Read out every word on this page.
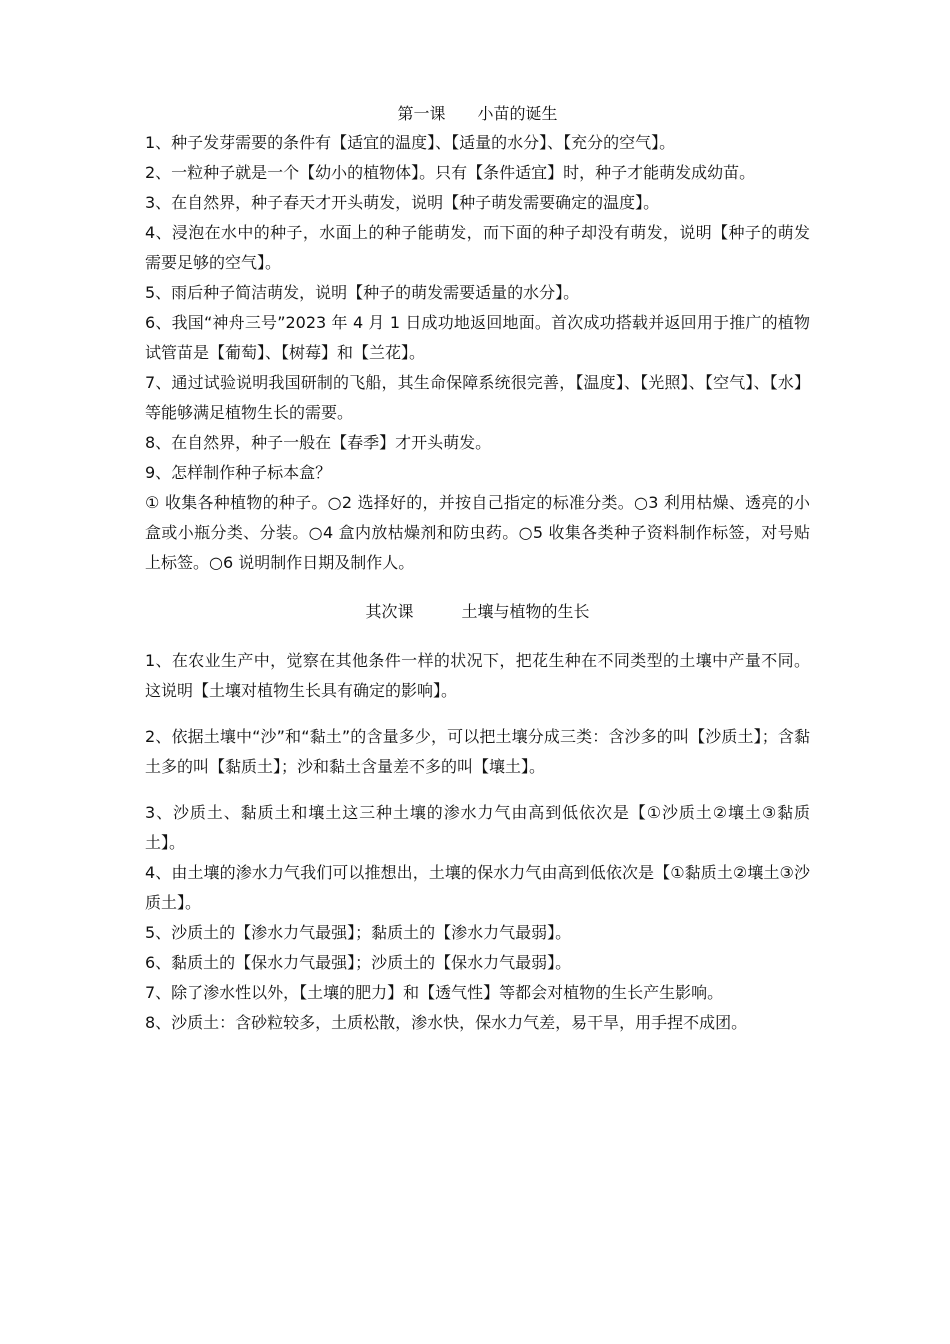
第一课　　小苗的诞生

1、种子发芽需要的条件有【适宜的温度】、【适量的水分】、【充分的空气】。

2、一粒种子就是一个【幼小的植物体】。只有【条件适宜】时，种子才能萌发成幼苗。

3、在自然界，种子春天才开头萌发，说明【种子萌发需要确定的温度】。

4、浸泡在水中的种子，水面上的种子能萌发，而下面的种子却没有萌发，说明【种子的萌发需要足够的空气】。

5、雨后种子简洁萌发，说明【种子的萌发需要适量的水分】。

6、我国“神舟三号”2023 年 4 月 1 日成功地返回地面。首次成功搭载并返回用于推广的植物试管苗是【葡萄】、【树莓】和【兰花】。

7、通过试验说明我国研制的飞船，其生命保障系统很完善，【温度】、【光照】、【空气】、【水】等能够满足植物生长的需要。

8、在自然界，种子一般在【春季】才开头萌发。

9、怎样制作种子标本盒？

① 收集各种植物的种子。○2 选择好的，并按自己指定的标准分类。○3 利用枯燥、透亮的小盒或小瓶分类、分装。○4 盒内放枯燥剂和防虫药。○5 收集各类种子资料制作标签，对号贴上标签。○6 说明制作日期及制作人。

其次课　　　土壤与植物的生长

1、在农业生产中，觉察在其他条件一样的状况下，把花生种在不同类型的土壤中产量不同。这说明【土壤对植物生长具有确定的影响】。

2、依据土壤中“沙”和“黏土”的含量多少，可以把土壤分成三类：含沙多的叫【沙质土】；含黏土多的叫【黏质土】；沙和黏土含量差不多的叫【壤土】。

3、沙质土、黏质土和壤土这三种土壤的渗水力气由高到低依次是【①沙质土②壤土③黏质土】。

4、由土壤的渗水力气我们可以推想出，土壤的保水力气由高到低依次是【①黏质土②壤土③沙质土】。

5、沙质土的【渗水力气最强】；黏质土的【渗水力气最弱】。

6、黏质土的【保水力气最强】；沙质土的【保水力气最弱】。

7、除了渗水性以外，【土壤的肥力】和【透气性】等都会对植物的生长产生影响。

8、沙质土：含砂粒较多，土质松散，渗水快，保水力气差，易干旱，用手捏不成团。
